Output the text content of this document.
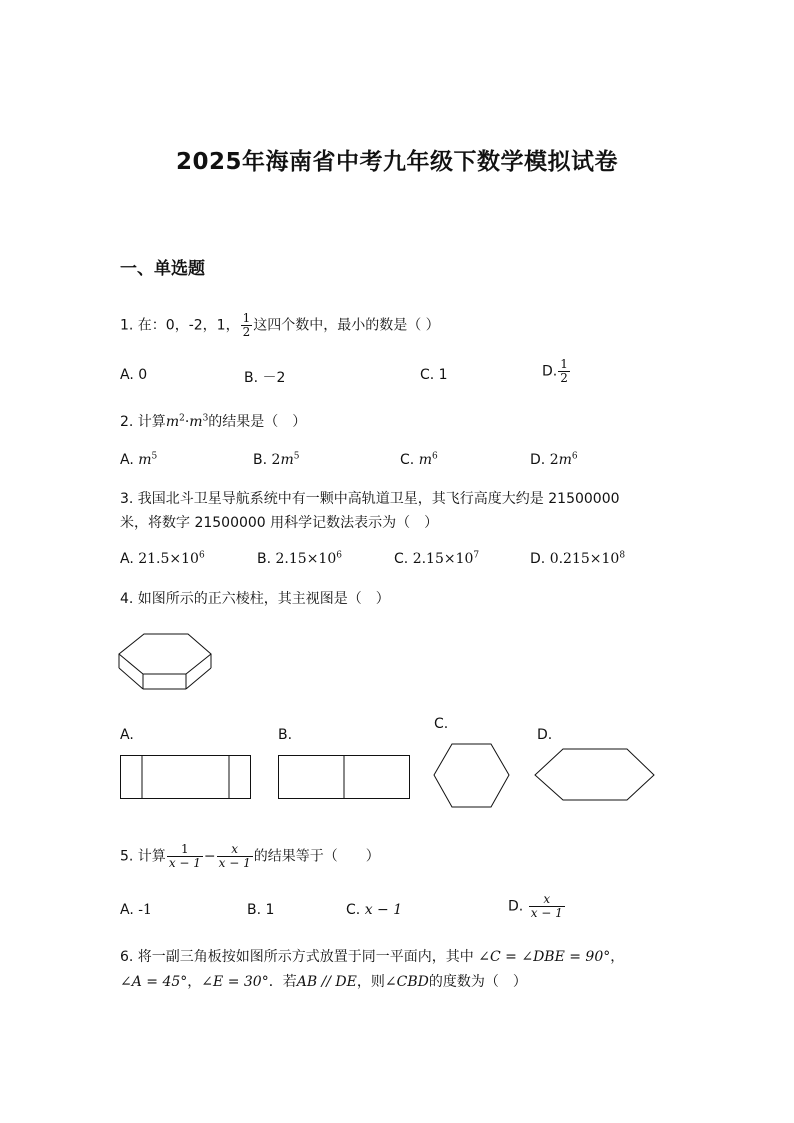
2025年海南省中考九年级下数学模拟试卷
一、单选题
1. 在：0，-2，1， $\frac{1}{2}$ 这四个数中，最小的数是（ ）
A. 0	B. －2	C. 1	D. $\frac{1}{2}$
2. 计算$m^2\cdot m^3$的结果是（　）
A. $m^5$	B. $2m^5$	C. $m^6$	D. $2m^6$
3. 我国北斗卫星导航系统中有一颗中高轨道卫星，其飞行高度大约是 21500000
米，将数字 21500000 用科学记数法表示为（　）
A. $21.5\times 10^6$	B. $2.15\times 10^6$	C. $2.15\times 10^7$	D. $0.215\times 10^8$
4. 如图所示的正六棱柱，其主视图是（　）
A.	B.
C.
D.
5. 计算 $\frac{1}{x - 1} - \frac{x}{x - 1}$ 的结果等于（　　）
A. -1	B. 1	C. x − 1	D. $\frac{x}{x - 1}$
6. 将一副三角板按如图所示方式放置于同一平面内，其中 ∠C = ∠DBE = 90°，
∠A = 45°，∠E = 30°．若AB // DE，则∠CBD的度数为（　）
